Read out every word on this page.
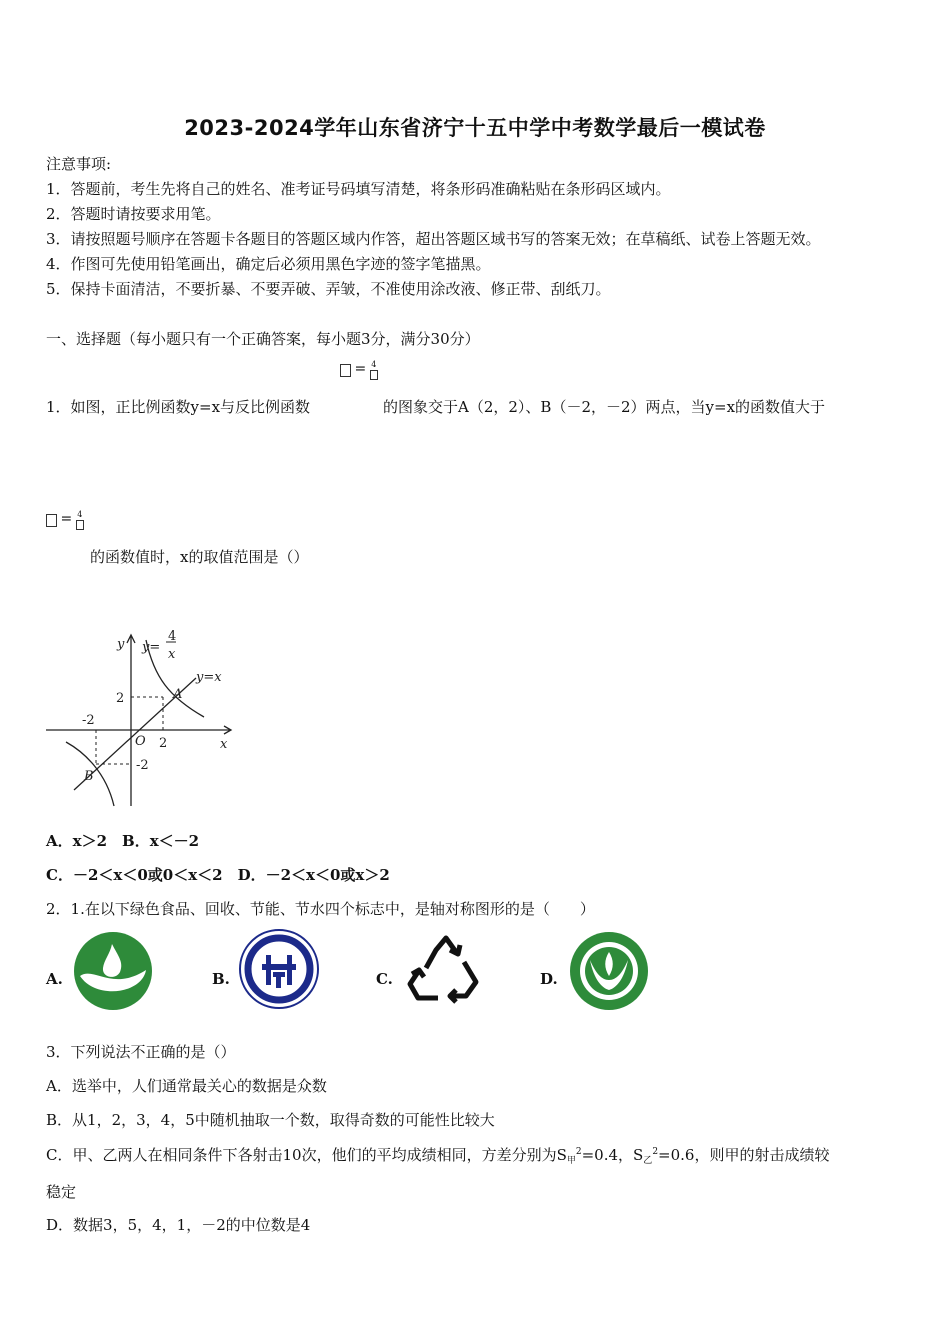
2023-2024学年山东省济宁十五中学中考数学最后一模试卷
注意事项:
1．答题前，考生先将自己的姓名、准考证号码填写清楚，将条形码准确粘贴在条形码区域内。
2．答题时请按要求用笔。
3．请按照题号顺序在答题卡各题目的答题区域内作答，超出答题区域书写的答案无效；在草稿纸、试卷上答题无效。
4．作图可先使用铅笔画出，确定后必须用黑色字迹的签字笔描黑。
5．保持卡面清洁，不要折暴、不要弄破、弄皱，不准使用涂改液、修正带、刮纸刀。
一、选择题（每小题只有一个正确答案，每小题3分，满分30分）
= 4
1．如图，正比例函数y=x与反比例函数	的图象交于A（2，2）、B（－2，－2）两点，当y=x的函数值大于
= 4
的函数值时，x的取值范围是（）
y
x
y=
4
x
y=x
O
A
B
2
2
-2
-2
A．x＞2　B．x＜－2
C．－2＜x＜0或0＜x＜2　D．－2＜x＜0或x＞2
2．1.在以下绿色食品、回收、节能、节水四个标志中，是轴对称图形的是（　　）
A.	B.	C.	D.
3．下列说法不正确的是（）
A．选举中，人们通常最关心的数据是众数
B．从1，2，3，4，5中随机抽取一个数，取得奇数的可能性比较大
C．甲、乙两人在相同条件下各射击10次，他们的平均成绩相同，方差分别为$S_甲^2=0.4$，$S_乙^2=0.6$，则甲的射击成绩较
稳定
D．数据3，5，4，1，－2的中位数是4
